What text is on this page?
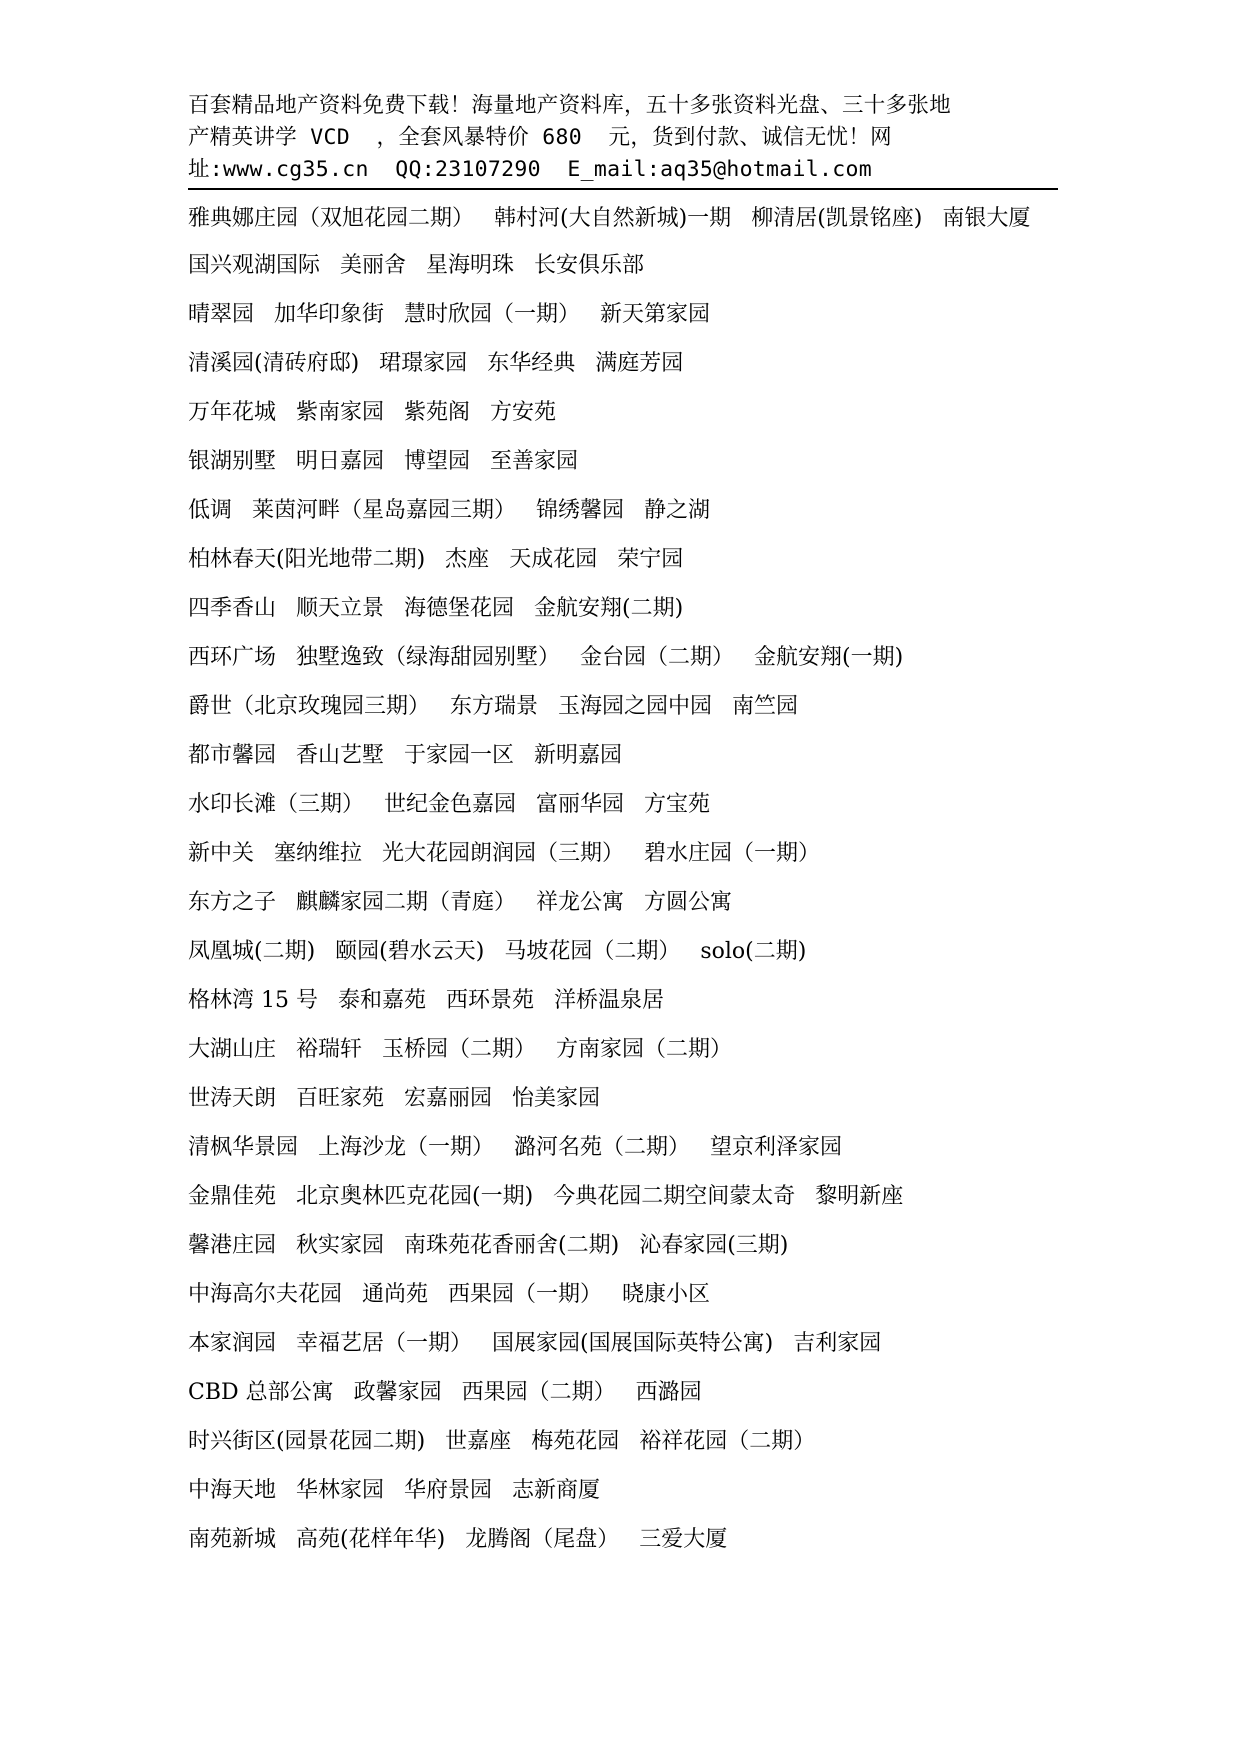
百套精品地产资料免费下载！海量地产资料库，五十多张资料光盘、三十多张地
产精英讲学 VCD  ，全套风暴特价 680  元，货到付款、诚信无忧！网
址:www.cg35.cn  QQ:23107290  E_mail:aq35@hotmail.com
雅典娜庄园（双旭花园二期） 韩村河(大自然新城)一期 柳清居(凯景铭座) 南银大厦
国兴观湖国际 美丽舍 星海明珠 长安俱乐部
晴翠园 加华印象街 慧时欣园（一期） 新天第家园
清溪园(清砖府邸) 珺璟家园 东华经典 满庭芳园
万年花城 紫南家园 紫苑阁 方安苑
银湖别墅 明日嘉园 博望园 至善家园
低调 莱茵河畔（星岛嘉园三期） 锦绣馨园 静之湖
柏林春天(阳光地带二期) 杰座 天成花园 荣宁园
四季香山 顺天立景 海德堡花园 金航安翔(二期)
西环广场 独墅逸致（绿海甜园别墅） 金台园（二期） 金航安翔(一期)
爵世（北京玫瑰园三期） 东方瑞景 玉海园之园中园 南竺园
都市馨园 香山艺墅 于家园一区 新明嘉园
水印长滩（三期） 世纪金色嘉园 富丽华园 方宝苑
新中关 塞纳维拉 光大花园朗润园（三期） 碧水庄园（一期）
东方之子 麒麟家园二期（青庭） 祥龙公寓 方圆公寓
凤凰城(二期) 颐园(碧水云天) 马坡花园（二期） solo(二期)
格林湾 15 号 泰和嘉苑 西环景苑 洋桥温泉居
大湖山庄 裕瑞轩 玉桥园（二期） 方南家园（二期）
世涛天朗 百旺家苑 宏嘉丽园 怡美家园
清枫华景园 上海沙龙（一期） 潞河名苑（二期） 望京利泽家园
金鼎佳苑 北京奥林匹克花园(一期) 今典花园二期空间蒙太奇 黎明新座
馨港庄园 秋实家园 南珠苑花香丽舍(二期) 沁春家园(三期)
中海高尔夫花园 通尚苑 西果园（一期） 晓康小区
本家润园 幸福艺居（一期） 国展家园(国展国际英特公寓) 吉利家园
CBD 总部公寓 政馨家园 西果园（二期） 西潞园
时兴街区(园景花园二期) 世嘉座 梅苑花园 裕祥花园（二期）
中海天地 华林家园 华府景园 志新商厦
南苑新城 高苑(花样年华) 龙腾阁（尾盘） 三爱大厦
